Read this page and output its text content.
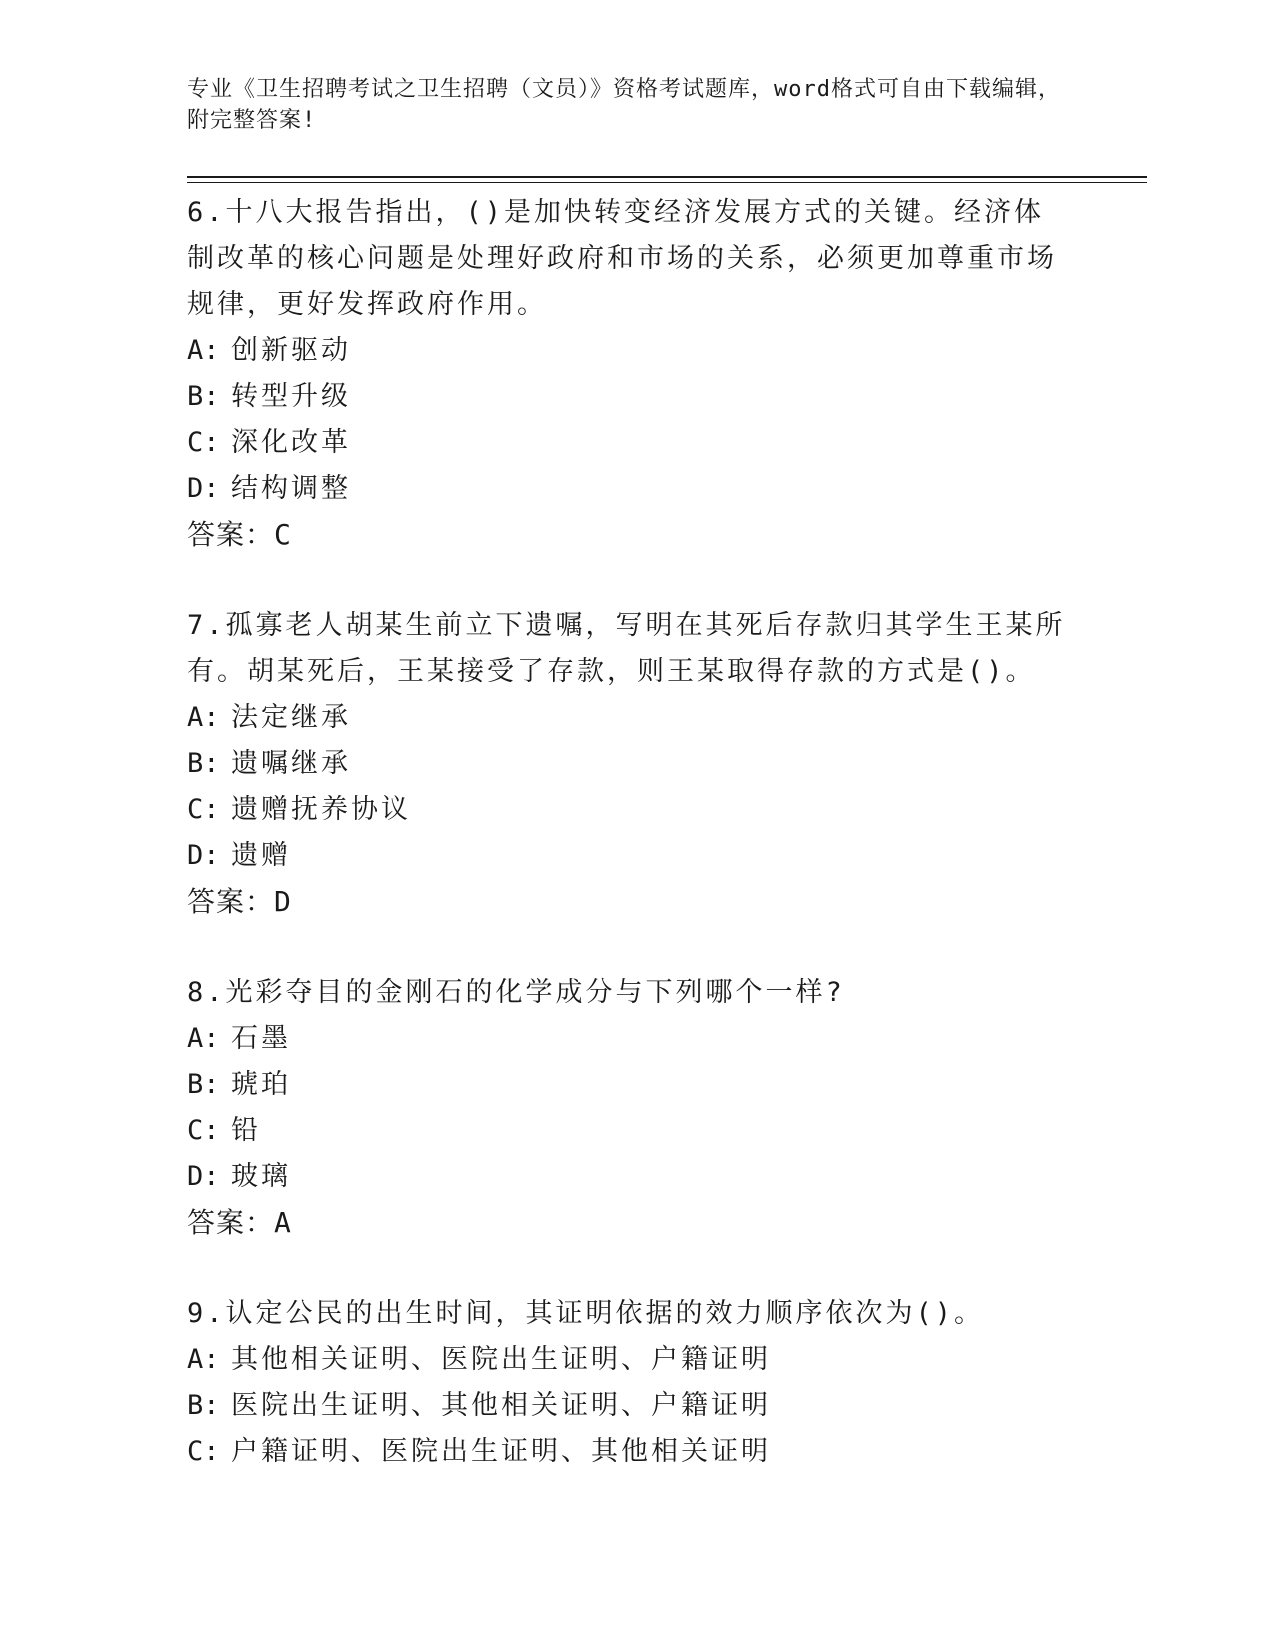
专业《卫生招聘考试之卫生招聘（文员）》资格考试题库，word格式可自由下载编辑，附完整答案!

6.十八大报告指出，()是加快转变经济发展方式的关键。经济体制改革的核心问题是处理好政府和市场的关系，必须更加尊重市场规律，更好发挥政府作用。

A: 创新驱动

B: 转型升级

C: 深化改革

D: 结构调整

答案：C

7.孤寡老人胡某生前立下遗嘱，写明在其死后存款归其学生王某所有。胡某死后，王某接受了存款，则王某取得存款的方式是()。

A: 法定继承

B: 遗嘱继承

C: 遗赠抚养协议

D: 遗赠

答案：D

8.光彩夺目的金刚石的化学成分与下列哪个一样?

A: 石墨

B: 琥珀

C: 铅

D: 玻璃

答案：A

9.认定公民的出生时间，其证明依据的效力顺序依次为()。

A: 其他相关证明、医院出生证明、户籍证明

B: 医院出生证明、其他相关证明、户籍证明

C: 户籍证明、医院出生证明、其他相关证明
